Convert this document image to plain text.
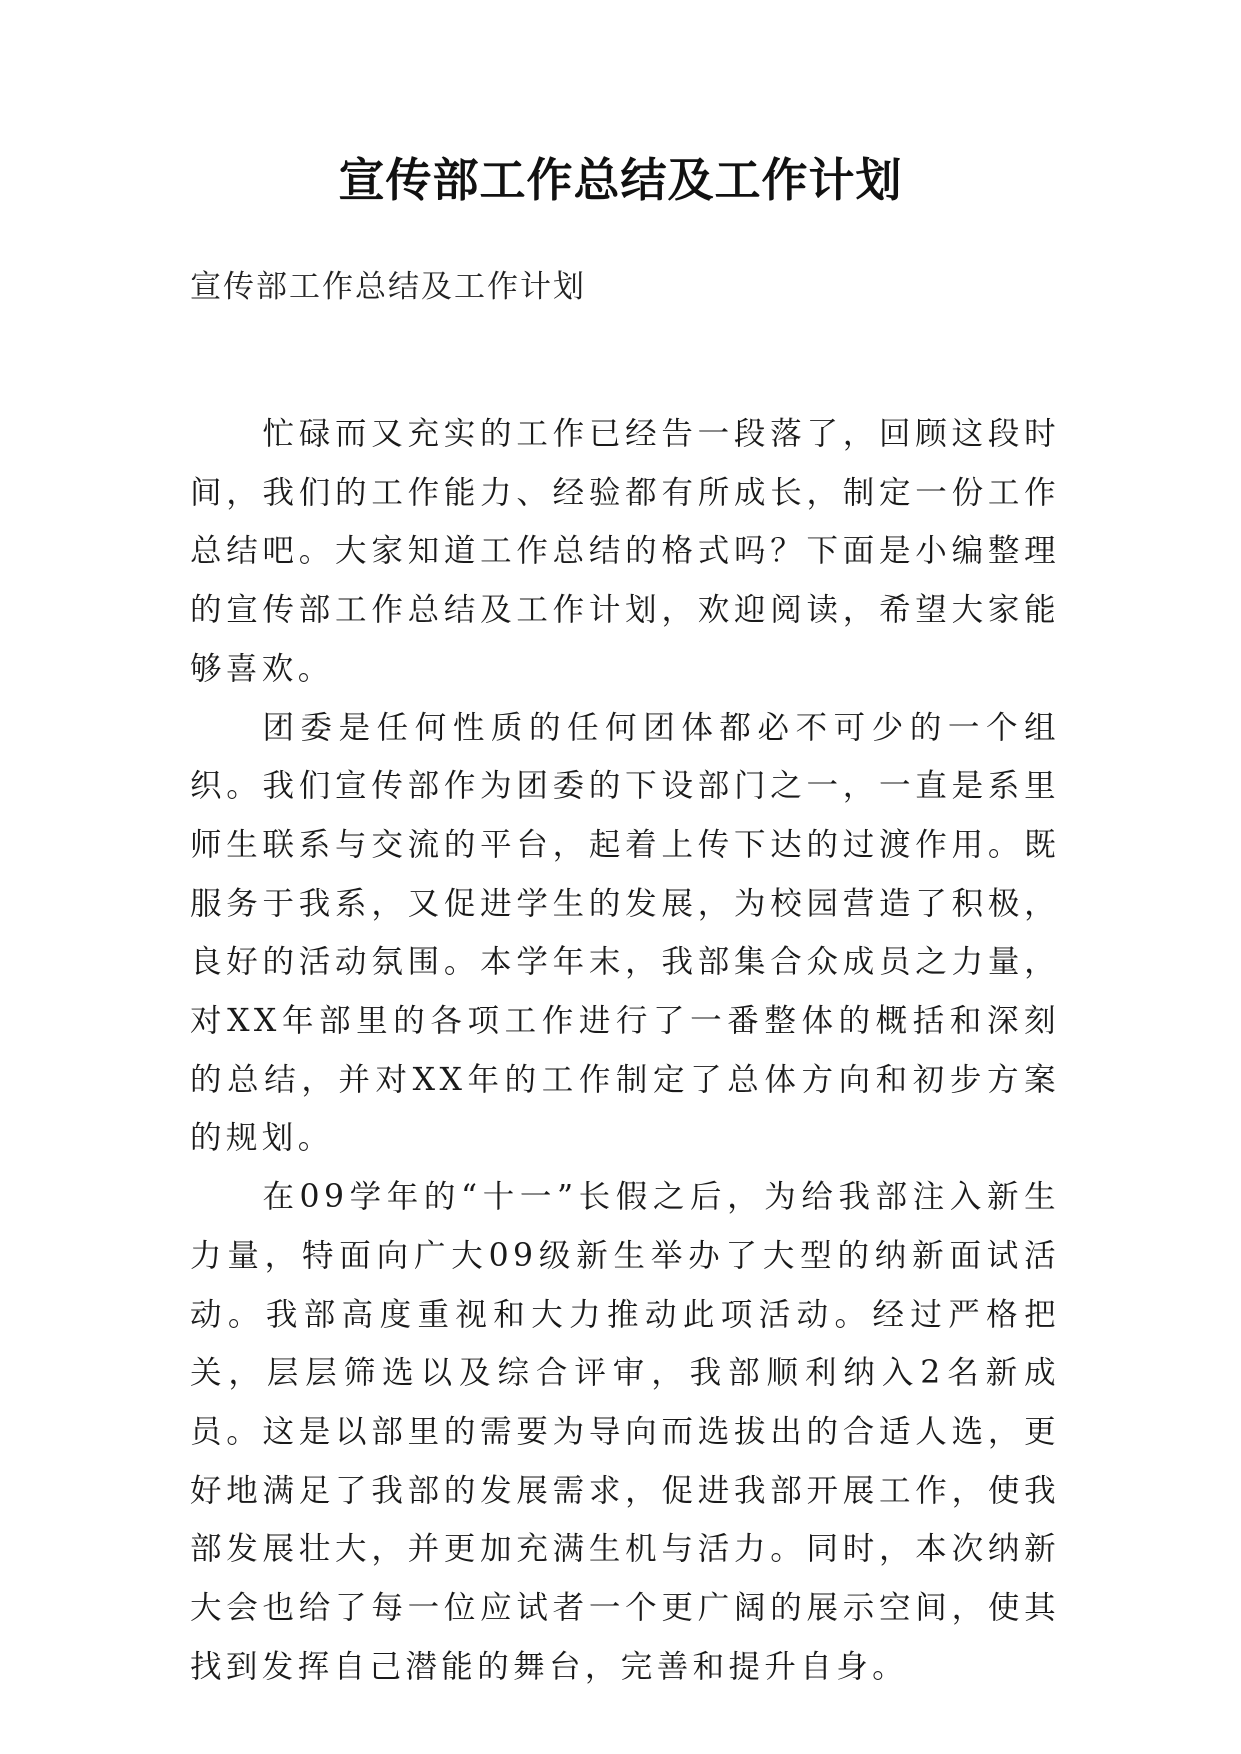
宣传部工作总结及工作计划

宣传部工作总结及工作计划

忙碌而又充实的工作已经告一段落了，回顾这段时间，我们的工作能力、经验都有所成长，制定一份工作总结吧。大家知道工作总结的格式吗？下面是小编整理的宣传部工作总结及工作计划，欢迎阅读，希望大家能够喜欢。

团委是任何性质的任何团体都必不可少的一个组织。我们宣传部作为团委的下设部门之一，一直是系里师生联系与交流的平台，起着上传下达的过渡作用。既服务于我系，又促进学生的发展，为校园营造了积极，良好的活动氛围。本学年末，我部集合众成员之力量，对XX年部里的各项工作进行了一番整体的概括和深刻的总结，并对XX年的工作制定了总体方向和初步方案的规划。

在09学年的“十一”长假之后，为给我部注入新生力量，特面向广大09级新生举办了大型的纳新面试活动。我部高度重视和大力推动此项活动。经过严格把关，层层筛选以及综合评审，我部顺利纳入2名新成员。这是以部里的需要为导向而选拔出的合适人选，更好地满足了我部的发展需求，促进我部开展工作，使我部发展壮大，并更加充满生机与活力。同时，本次纳新大会也给了每一位应试者一个更广阔的展示空间，使其找到发挥自己潜能的舞台，完善和提升自身。
